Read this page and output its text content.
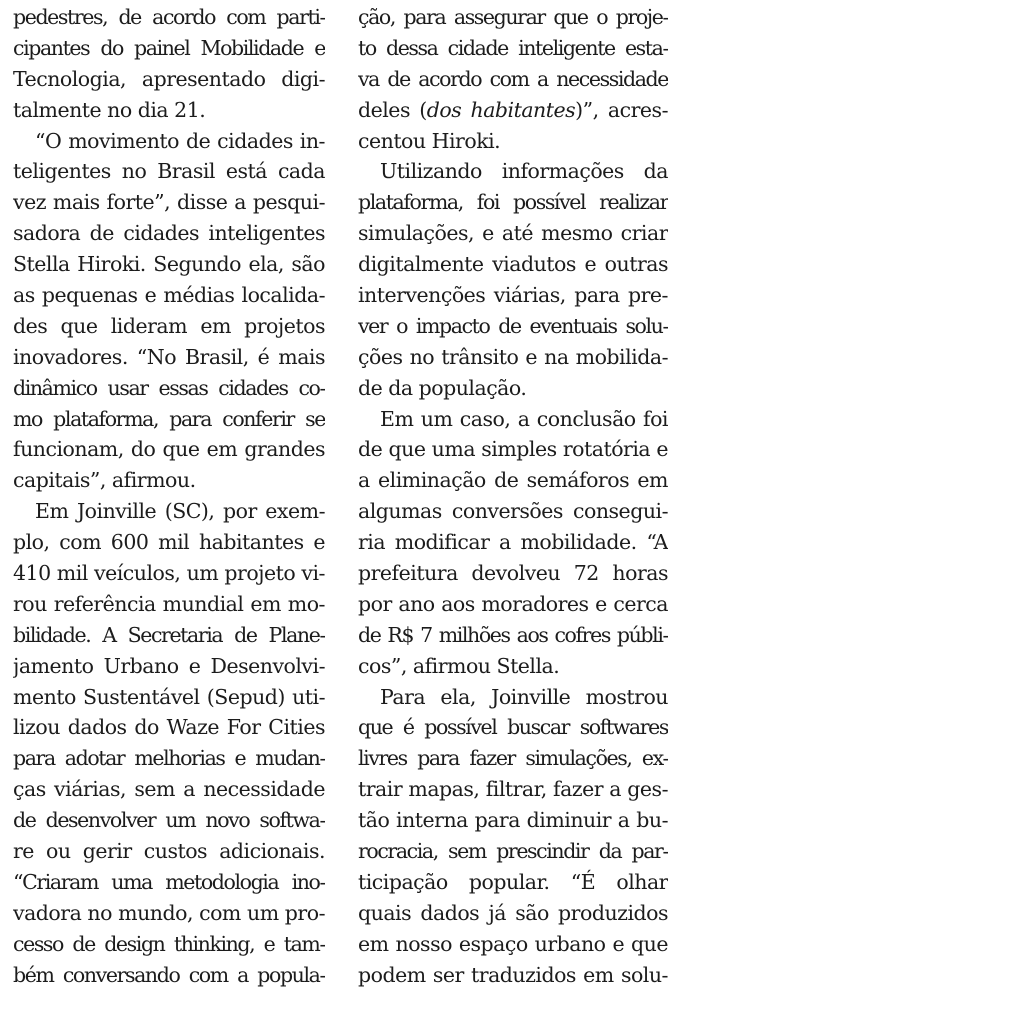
pedestres, de acordo com parti-
cipantes do painel Mobilidade e
Tecnologia, apresentado digi-
talmente no dia 21.
“O movimento de cidades in-
teligentes no Brasil está cada
vez mais forte”, disse a pesqui-
sadora de cidades inteligentes
Stella Hiroki. Segundo ela, são
as pequenas e médias localida-
des que lideram em projetos
inovadores. “No Brasil, é mais
dinâmico usar essas cidades co-
mo plataforma, para conferir se
funcionam, do que em grandes
capitais”, afirmou.
Em Joinville (SC), por exem-
plo, com 600 mil habitantes e
410 mil veículos, um projeto vi-
rou referência mundial em mo-
bilidade. A Secretaria de Plane-
jamento Urbano e Desenvolvi-
mento Sustentável (Sepud) uti-
lizou dados do Waze For Cities
para adotar melhorias e mudan-
ças viárias, sem a necessidade
de desenvolver um novo softwa-
re ou gerir custos adicionais.
“Criaram uma metodologia ino-
vadora no mundo, com um pro-
cesso de design thinking, e tam-
bém conversando com a popula-
ção, para assegurar que o proje-
to dessa cidade inteligente esta-
va de acordo com a necessidade
deles (dos habitantes)”, acres-
centou Hiroki.
Utilizando informações da
plataforma, foi possível realizar
simulações, e até mesmo criar
digitalmente viadutos e outras
intervenções viárias, para pre-
ver o impacto de eventuais solu-
ções no trânsito e na mobilida-
de da população.
Em um caso, a conclusão foi
de que uma simples rotatória e
a eliminação de semáforos em
algumas conversões consegui-
ria modificar a mobilidade. “A
prefeitura devolveu 72 horas
por ano aos moradores e cerca
de R$ 7 milhões aos cofres públi-
cos”, afirmou Stella.
Para ela, Joinville mostrou
que é possível buscar softwares
livres para fazer simulações, ex-
trair mapas, filtrar, fazer a ges-
tão interna para diminuir a bu-
rocracia, sem prescindir da par-
ticipação popular. “É olhar
quais dados já são produzidos
em nosso espaço urbano e que
podem ser traduzidos em solu-
